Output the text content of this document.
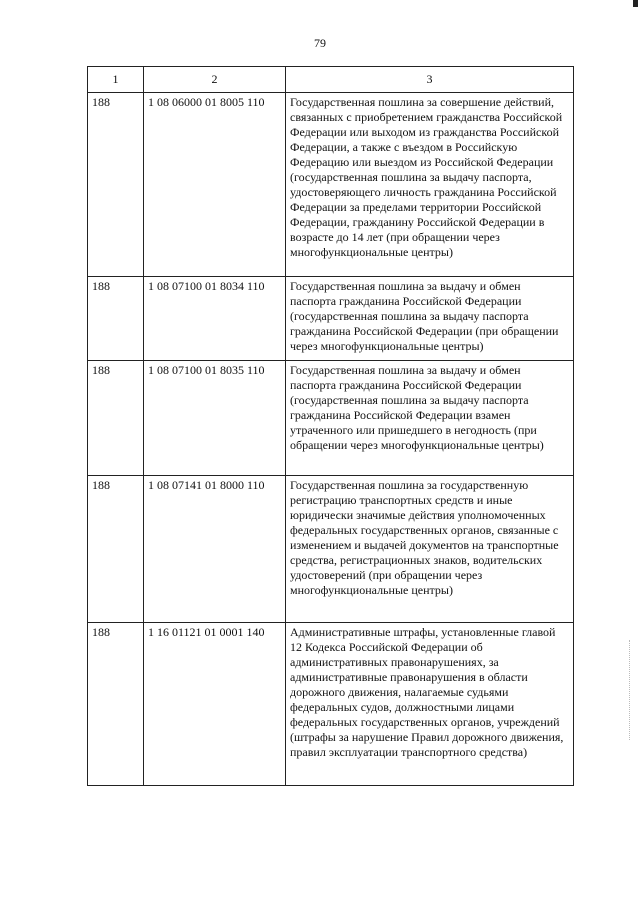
79
1	2	3
188	1 08 06000 01 8005 110	Государственная пошлина за совершение действий, связанных с приобретением гражданства Российской Федерации или выходом из гражданства Российской Федерации, а также с въездом в Российскую Федерацию или выездом из Российской Федерации (государственная пошлина за выдачу паспорта, удостоверяющего личность гражданина Российской Федерации за пределами территории Российской Федерации, гражданину Российской Федерации в возрасте до 14 лет (при обращении через многофункциональные центры)
188	1 08 07100 01 8034 110	Государственная пошлина за выдачу и обмен паспорта гражданина Российской Федерации (государственная пошлина за выдачу паспорта гражданина Российской Федерации (при обращении через многофункциональные центры)
188	1 08 07100 01 8035 110	Государственная пошлина за выдачу и обмен паспорта гражданина Российской Федерации (государственная пошлина за выдачу паспорта гражданина Российской Федерации взамен утраченного или пришедшего в негодность (при обращении через многофункциональные центры)
188	1 08 07141 01 8000 110	Государственная пошлина за государственную регистрацию транспортных средств и иные юридически значимые действия уполномоченных федеральных государственных органов, связанные с изменением и выдачей документов на транспортные средства, регистрационных знаков, водительских удостоверений (при обращении через многофункциональные центры)
188	1 16 01121 01 0001 140	Административные штрафы, установленные главой 12 Кодекса Российской Федерации об административных правонарушениях, за административные правонарушения в области дорожного движения, налагаемые судьями федеральных судов, должностными лицами федеральных государственных органов, учреждений (штрафы за нарушение Правил дорожного движения, правил эксплуатации транспортного средства)
